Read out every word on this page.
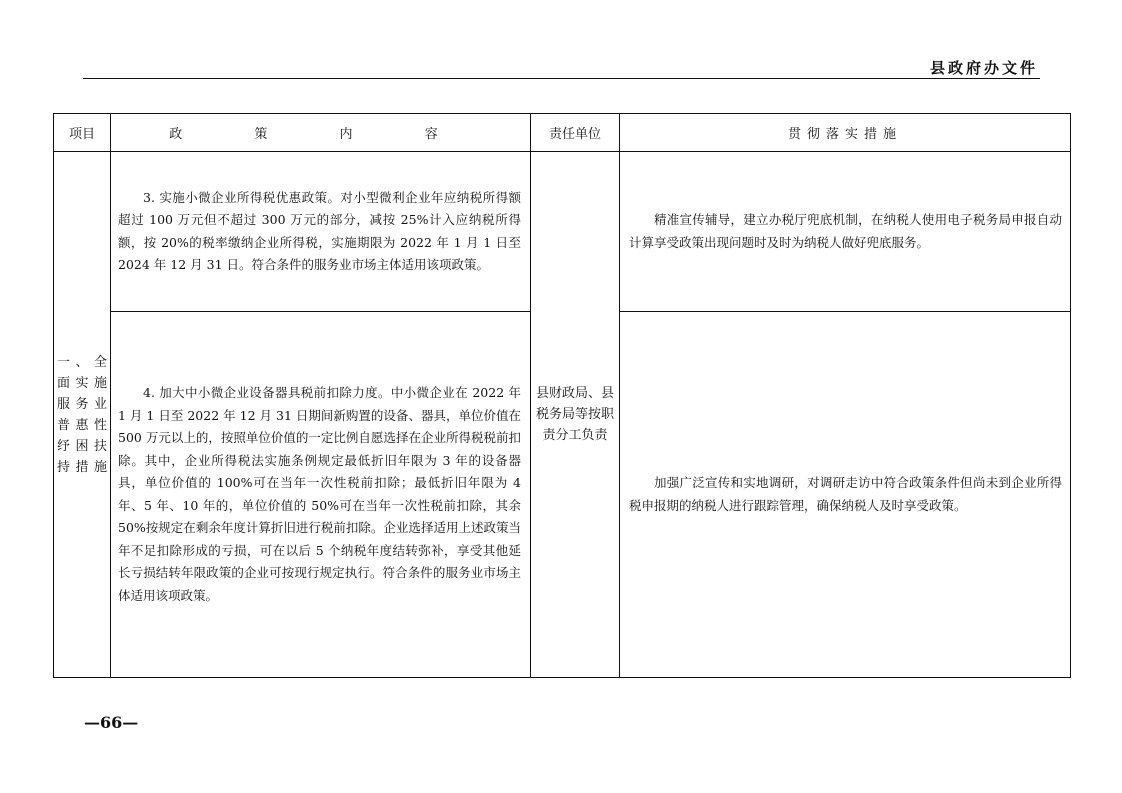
县政府办文件
项目	政 策 内 容	责任单位	贯彻落实措施

一、全面实施服务业普惠性纾困扶持措施	3. 实施小微企业所得税优惠政策。对小型微利企业年应纳税所得额超过 100 万元但不超过 300 万元的部分，减按 25%计入应纳税所得额，按 20%的税率缴纳企业所得税，实施期限为 2022 年 1 月 1 日至 2024 年 12 月 31 日。符合条件的服务业市场主体适用该项政策。	县财政局、县税务局等按职责分工负责	精准宣传辅导，建立办税厅兜底机制，在纳税人使用电子税务局申报自动计算享受政策出现问题时及时为纳税人做好兜底服务。

	4. 加大中小微企业设备器具税前扣除力度。中小微企业在 2022 年 1 月 1 日至 2022 年 12 月 31 日期间新购置的设备、器具，单位价值在 500 万元以上的，按照单位价值的一定比例自愿选择在企业所得税税前扣除。其中，企业所得税法实施条例规定最低折旧年限为 3 年的设备器具，单位价值的 100%可在当年一次性税前扣除；最低折旧年限为 4 年、5 年、10 年的，单位价值的 50%可在当年一次性税前扣除，其余 50%按规定在剩余年度计算折旧进行税前扣除。企业选择适用上述政策当年不足扣除形成的亏损，可在以后 5 个纳税年度结转弥补，享受其他延长亏损结转年限政策的企业可按现行规定执行。符合条件的服务业市场主体适用该项政策。		加强广泛宣传和实地调研，对调研走访中符合政策条件但尚未到企业所得税申报期的纳税人进行跟踪管理，确保纳税人及时享受政策。
—66—
